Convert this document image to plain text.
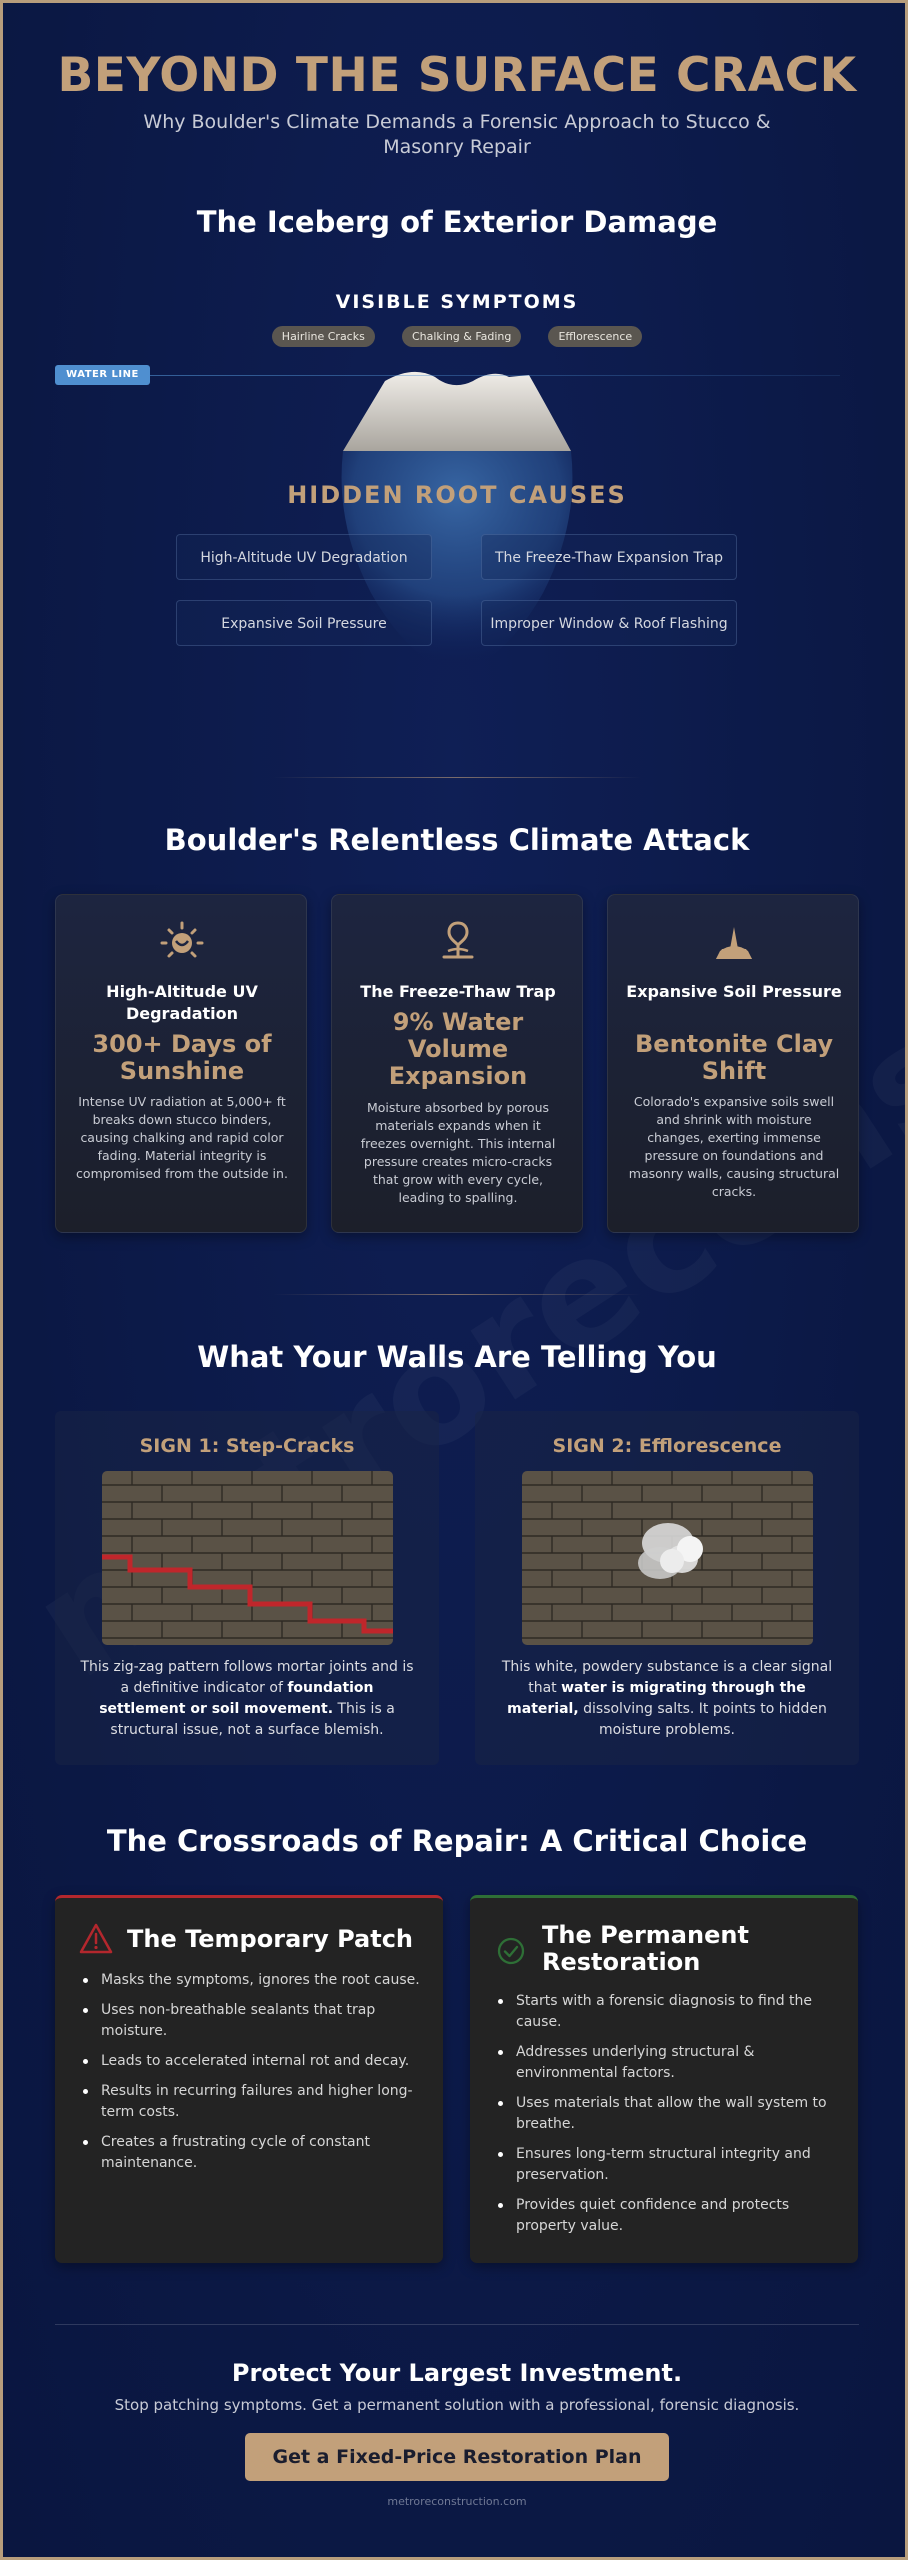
BEYOND THE SURFACE CRACK

Why Boulder's Climate Demands a Forensic Approach to Stucco & Masonry Repair

The Iceberg of Exterior Damage
VISIBLE SYMPTOMS
Hairline Cracks	Chalking & Fading	Efflorescence
WATER LINE
HIDDEN ROOT CAUSES
High-Altitude UV Degradation	The Freeze-Thaw Expansion Trap
Expansive Soil Pressure	Improper Window & Roof Flashing
Boulder's Relentless Climate Attack
High-Altitude UV Degradation
300+ Days of Sunshine
Intense UV radiation at 5,000+ ft breaks down stucco binders, causing chalking and rapid color fading. Material integrity is compromised from the outside in.
The Freeze-Thaw Trap
9% Water Volume Expansion
Moisture absorbed by porous materials expands when it freezes overnight. This internal pressure creates micro-cracks that grow with every cycle, leading to spalling.
Expansive Soil Pressure
Bentonite Clay Shift
Colorado's expansive soils swell and shrink with moisture changes, exerting immense pressure on foundations and masonry walls, causing structural cracks.
What Your Walls Are Telling You
SIGN 1: Step-Cracks

This zig-zag pattern follows mortar joints and is a definitive indicator of foundation settlement or soil movement. This is a structural issue, not a surface blemish.

SIGN 2: Efflorescence

This white, powdery substance is a clear signal that water is migrating through the material, dissolving salts. It points to hidden moisture problems.

The Crossroads of Repair: A Critical Choice
The Temporary Patch
Masks the symptoms, ignores the root cause.
Uses non-breathable sealants that trap moisture.
Leads to accelerated internal rot and decay.
Results in recurring failures and higher long-term costs.
Creates a frustrating cycle of constant maintenance.
The Permanent Restoration
Starts with a forensic diagnosis to find the cause.
Addresses underlying structural & environmental factors.
Uses materials that allow the wall system to breathe.
Ensures long-term structural integrity and preservation.
Provides quiet confidence and protects property value.
Protect Your Largest Investment.

Stop patching symptoms. Get a permanent solution with a professional, forensic diagnosis.

Get a Fixed-Price Restoration Plan
metroreconstruction.com
